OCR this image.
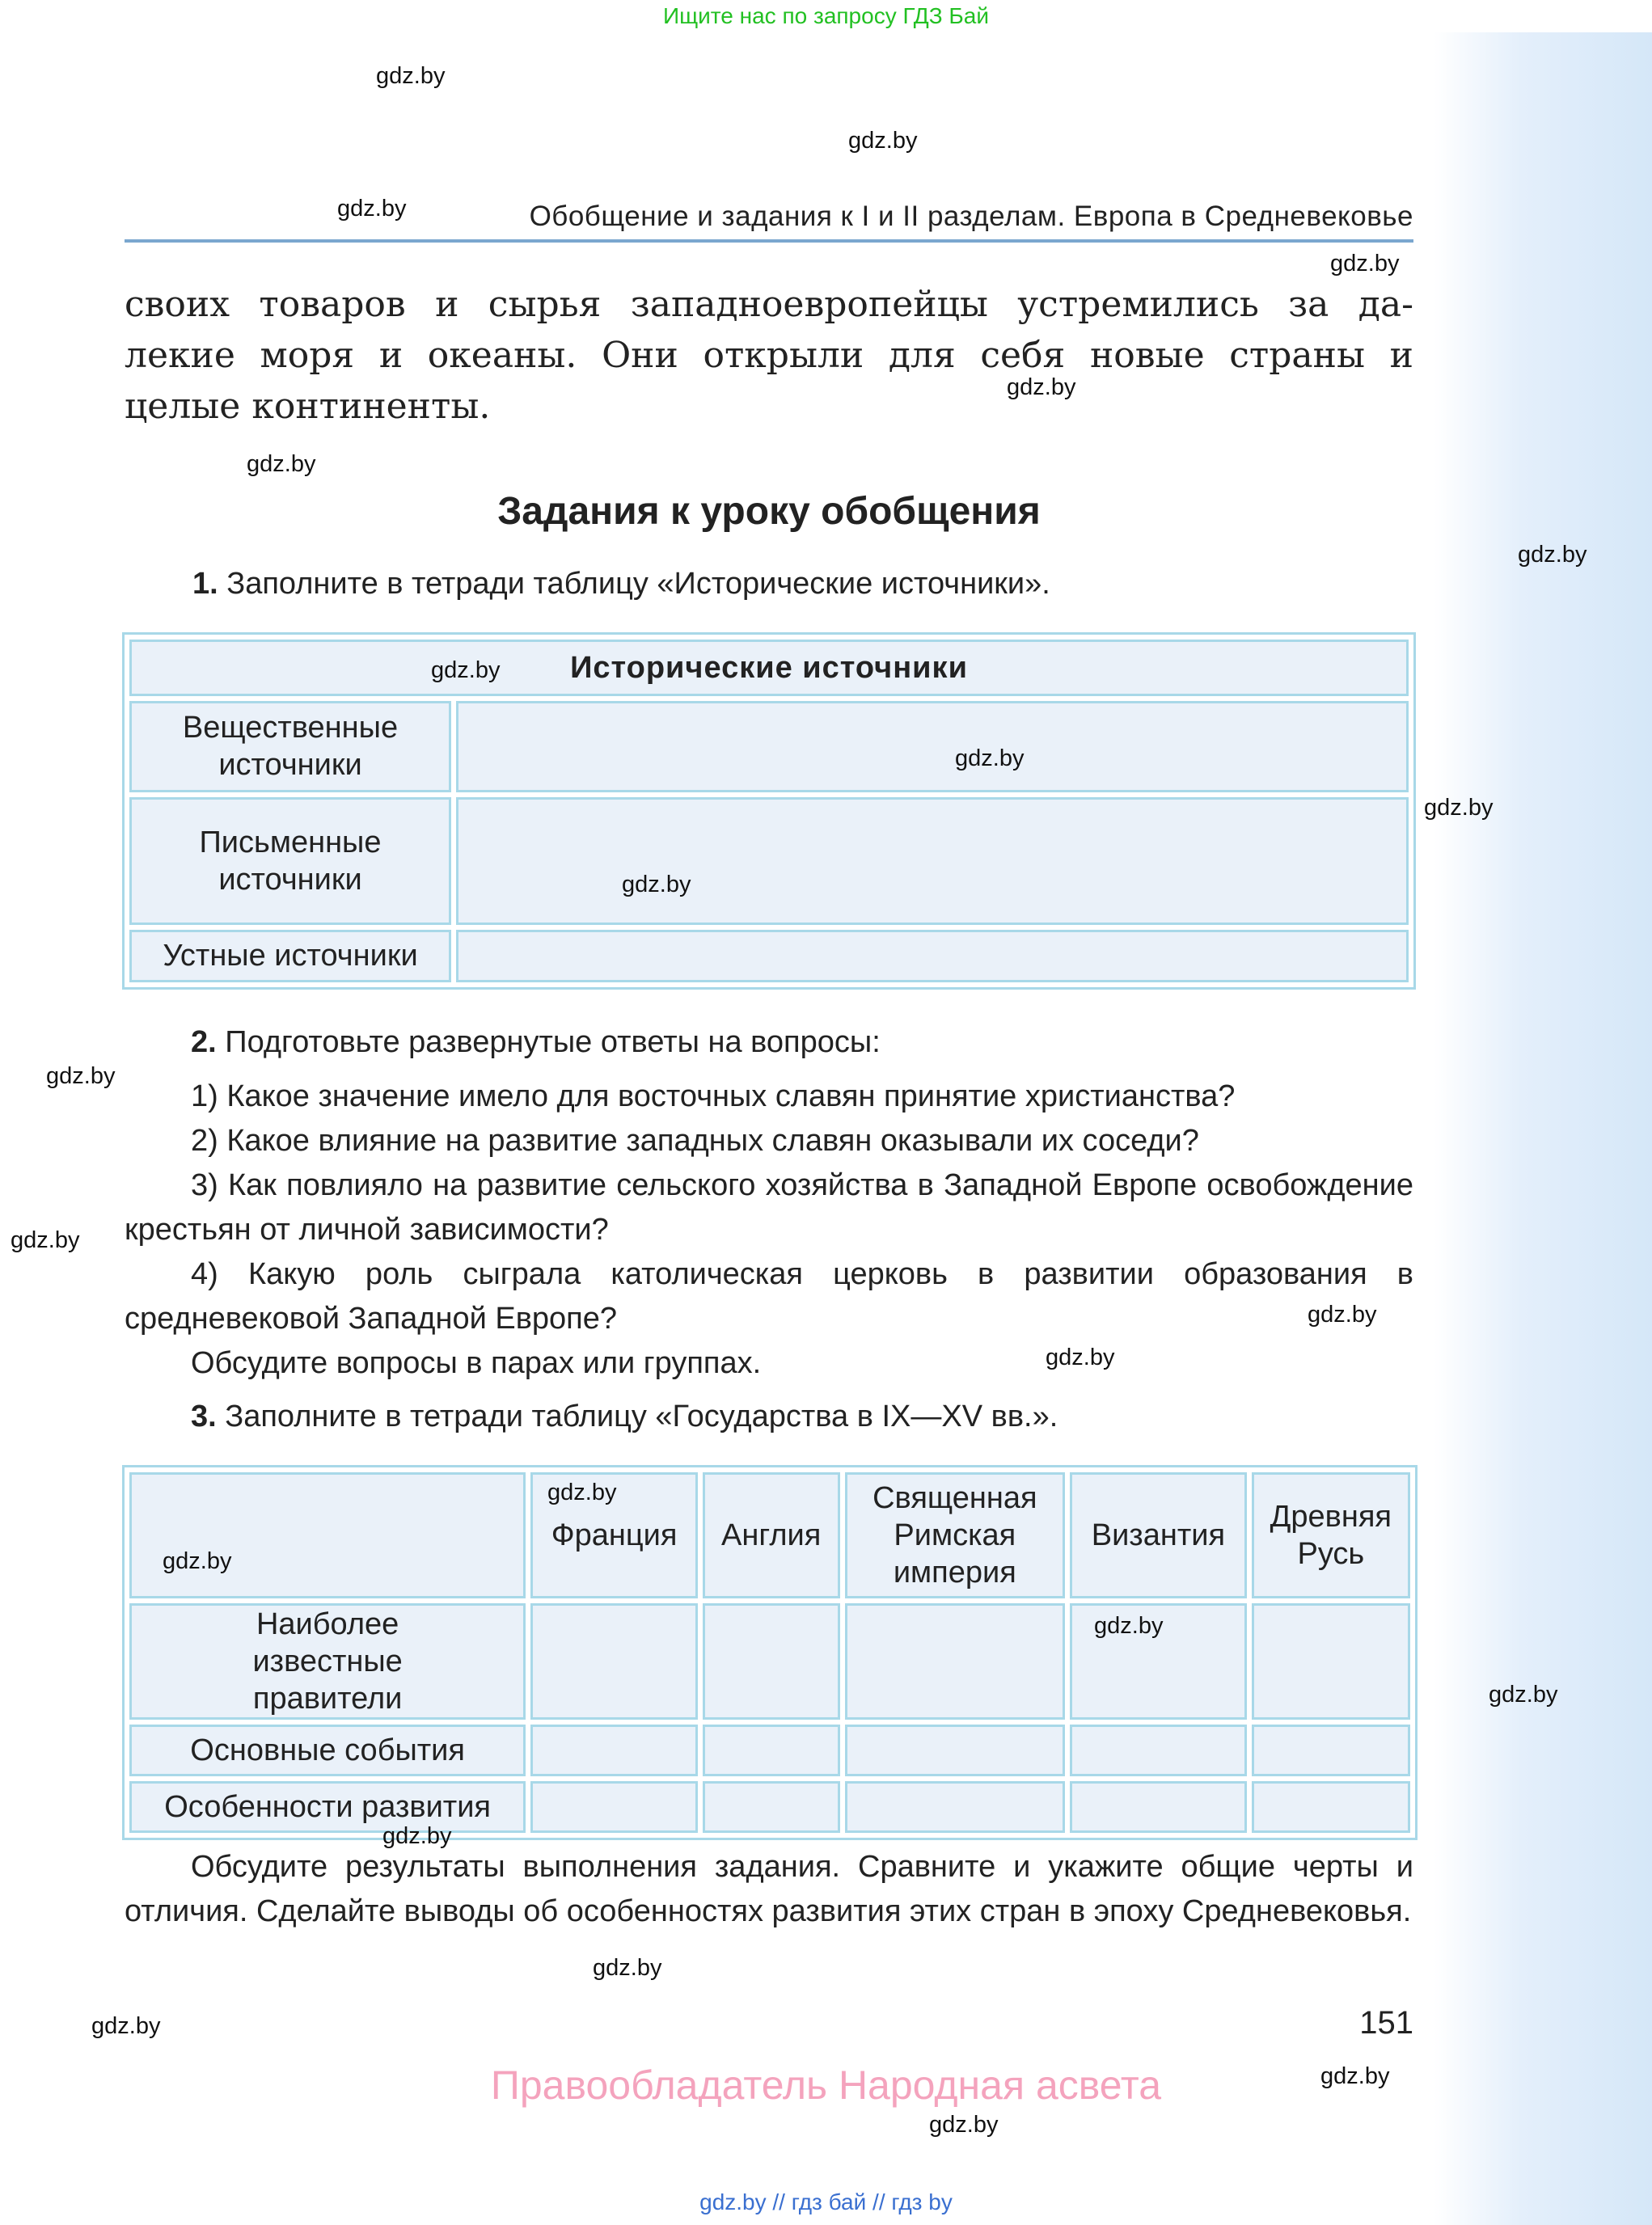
Ищите нас по запросу ГДЗ Бай
Обобщение и задания к I и II разделам. Европа в Средневековье
своих товаров и сырья западноевропейцы устремились за да-
лекие моря и океаны. Они открыли для себя новые страны и
целые континенты.
Задания к уроку обобщения
1. Заполните в тетради таблицу «Исторические источники».
Исторические источники	
Вещественные источники	
Письменные источники	
Устные источники	
2. Подготовьте развернутые ответы на вопросы:
1) Какое значение имело для восточных славян принятие христианства?
2) Какое влияние на развитие западных славян оказывали их соседи?
3) Как повлияло на развитие сельского хозяйства в Западной Европе освобождение крестьян от личной зависимости?
4) Какую роль сыграла католическая церковь в развитии образования в средневековой Западной Европе?
Обсудите вопросы в парах или группах.
3. Заполните в тетради таблицу «Государства в IX—XV вв.».
	Франция	Англия	Священная Римская империя	Византия	Древняя Русь
Наиболее известные правители					
Основные события					
Особенности развития					
Обсудите результаты выполнения задания. Сравните и укажите общие черты и отличия. Сделайте выводы об особенностях развития этих стран в эпоху Средневековья.
151
Правообладатель Народная асвета
gdz.by // гдз бай // гдз by
gdz.by
gdz.by
gdz.by
gdz.by
gdz.by
gdz.by
gdz.by
gdz.by
gdz.by
gdz.by
gdz.by
gdz.by
gdz.by
gdz.by
gdz.by
gdz.by
gdz.by
gdz.by
gdz.by
gdz.by
gdz.by
gdz.by
gdz.by
gdz.by
